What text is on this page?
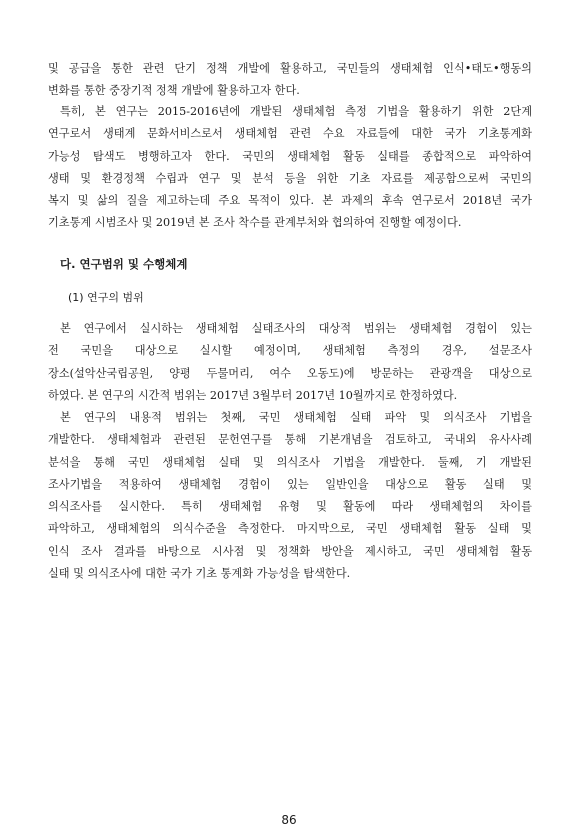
및 공급을 통한 관련 단기 정책 개발에 활용하고, 국민들의 생태체험 인식•태도•행동의
변화를 통한 중장기적 정책 개발에 활용하고자 한다.
특히, 본 연구는 2015-2016년에 개발된 생태체험 측정 기법을 활용하기 위한 2단계
연구로서 생태계 문화서비스로서 생태체험 관련 수요 자료들에 대한 국가 기초통계화
가능성 탐색도 병행하고자 한다. 국민의 생태체험 활동 실태를 종합적으로 파악하여
생태 및 환경정책 수립과 연구 및 분석 등을 위한 기초 자료를 제공함으로써 국민의
복지 및 삶의 질을 제고하는데 주요 목적이 있다. 본 과제의 후속 연구로서 2018년 국가
기초통계 시범조사 및 2019년 본 조사 착수를 관계부처와 협의하여 진행할 예정이다.
다. 연구범위 및 수행체계
(1) 연구의 범위
본 연구에서 실시하는 생태체험 실태조사의 대상적 범위는 생태체험 경험이 있는
전 국민을 대상으로 실시할 예정이며, 생태체험 측정의 경우, 설문조사
장소(설악산국립공원, 양평 두물머리, 여수 오동도)에 방문하는 관광객을 대상으로
하였다. 본 연구의 시간적 범위는 2017년 3월부터 2017년 10월까지로 한정하였다.
본 연구의 내용적 범위는 첫째, 국민 생태체험 실태 파악 및 의식조사 기법을
개발한다. 생태체험과 관련된 문헌연구를 통해 기본개념을 검토하고, 국내외 유사사례
분석을 통해 국민 생태체험 실태 및 의식조사 기법을 개발한다. 둘째, 기 개발된
조사기법을 적용하여 생태체험 경험이 있는 일반인을 대상으로 활동 실태 및
의식조사를 실시한다. 특히 생태체험 유형 및 활동에 따라 생태체험의 차이를
파악하고, 생태체험의 의식수준을 측정한다. 마지막으로, 국민 생태체험 활동 실태 및
인식 조사 결과를 바탕으로 시사점 및 정책화 방안을 제시하고, 국민 생태체험 활동
실태 및 의식조사에 대한 국가 기초 통계화 가능성을 탐색한다.
86
